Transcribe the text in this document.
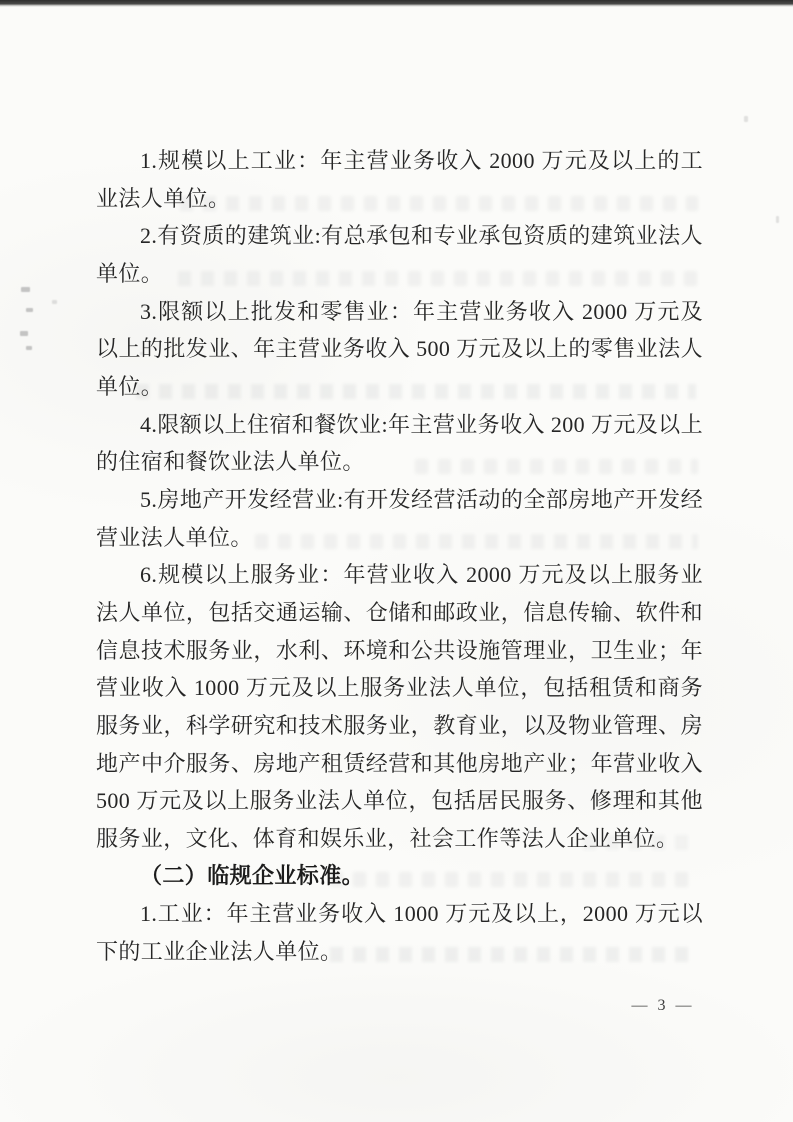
1.规模以上工业：年主营业务收入 2000 万元及以上的工业法人单位。

2.有资质的建筑业:有总承包和专业承包资质的建筑业法人单位。

3.限额以上批发和零售业：年主营业务收入 2000 万元及以上的批发业、年主营业务收入 500 万元及以上的零售业法人单位。

4.限额以上住宿和餐饮业:年主营业务收入 200 万元及以上的住宿和餐饮业法人单位。

5.房地产开发经营业:有开发经营活动的全部房地产开发经营业法人单位。

6.规模以上服务业：年营业收入 2000 万元及以上服务业法人单位，包括交通运输、仓储和邮政业，信息传输、软件和信息技术服务业，水利、环境和公共设施管理业，卫生业；年营业收入 1000 万元及以上服务业法人单位，包括租赁和商务服务业，科学研究和技术服务业，教育业，以及物业管理、房地产中介服务、房地产租赁经营和其他房地产业；年营业收入 500 万元及以上服务业法人单位，包括居民服务、修理和其他服务业，文化、体育和娱乐业，社会工作等法人企业单位。

（二）临规企业标准。

1.工业：年主营业务收入 1000 万元及以上，2000 万元以下的工业企业法人单位。

— 3 —
